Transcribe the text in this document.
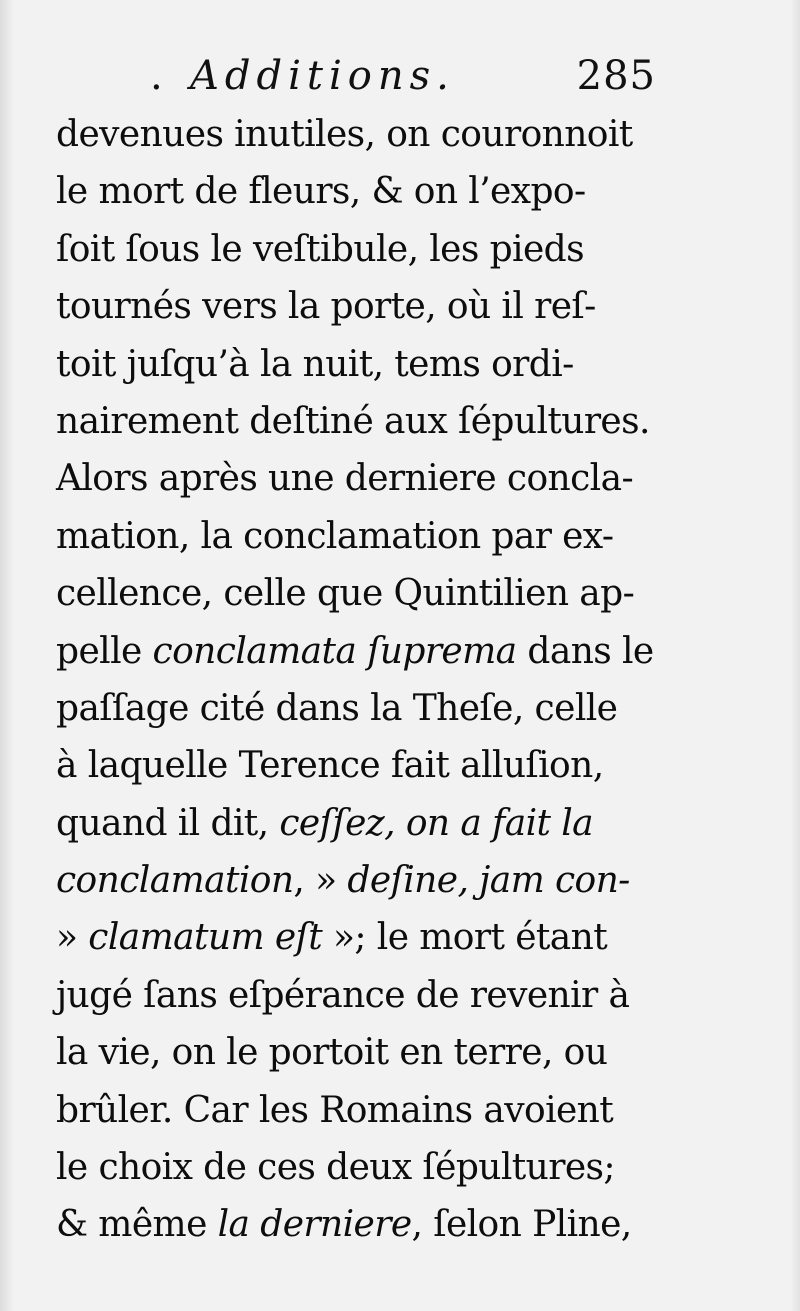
. Additions.	285
devenues inutiles, on couronnoit
le mort de fleurs, & on l’expo-
ſoit ſous le veſtibule, les pieds
tournés vers la porte, où il reſ-
toit juſqu’à la nuit, tems ordi-
nairement deſtiné aux ſépultures.
Alors après une derniere concla-
mation, la conclamation par ex-
cellence, celle que Quintilien ap-
pelle conclamata ſuprema dans le
paſſage cité dans la Theſe, celle
à laquelle Terence fait alluſion,
quand il dit, ceſſez, on a fait la
conclamation, » deſine, jam con-
» clamatum eſt »; le mort étant
jugé ſans eſpérance de revenir à
la vie, on le portoit en terre, ou
brûler. Car les Romains avoient
le choix de ces deux ſépultures;
& même la derniere, ſelon Pline,
